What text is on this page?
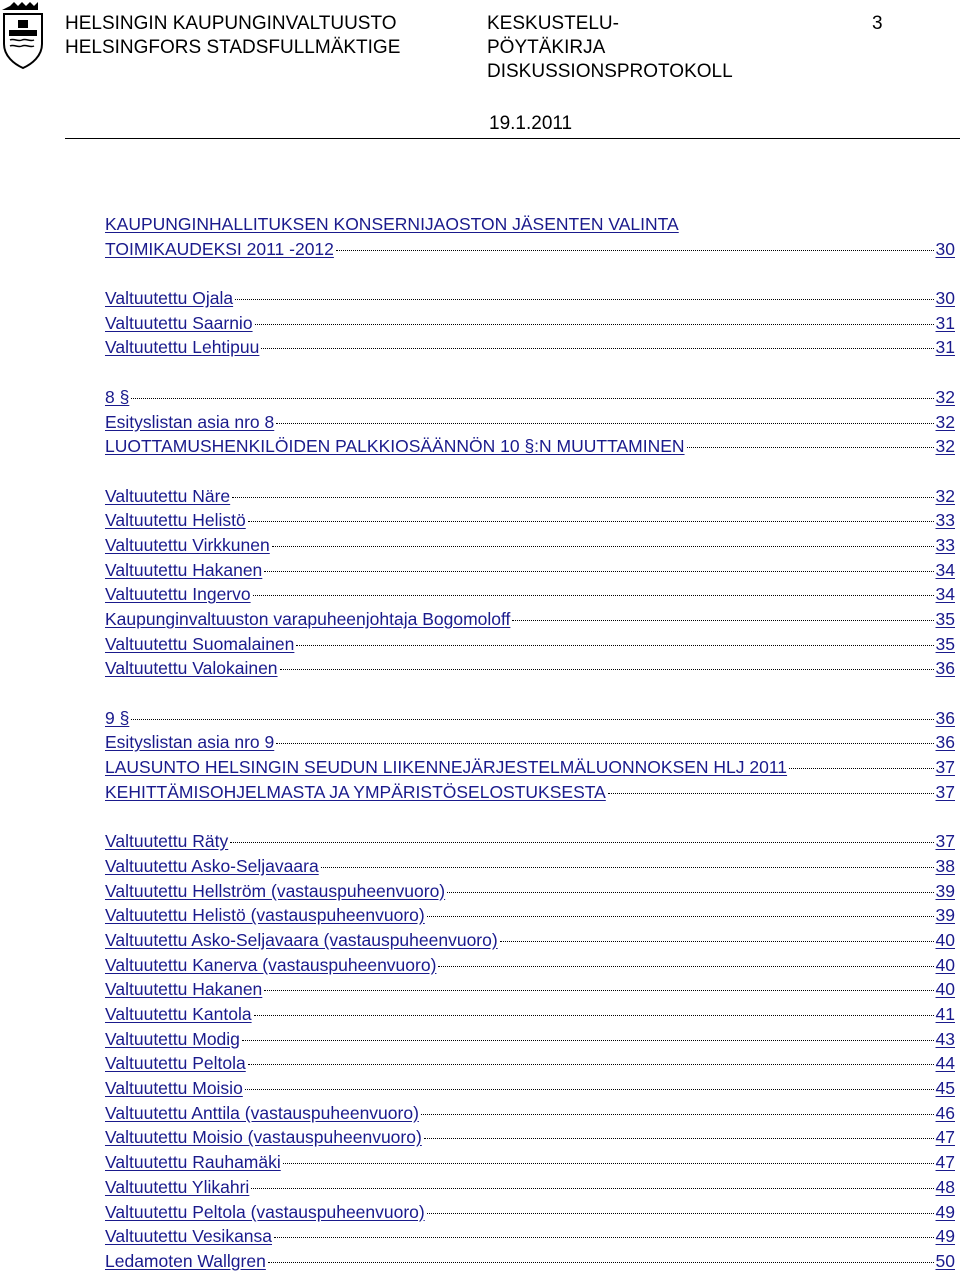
HELSINGIN KAUPUNGINVALTUUSTO
HELSINGFORS STADSFULLMÄKTIGE
KESKUSTELU-
PÖYTÄKIRJA
DISKUSSIONSPROTOKOLL
3
19.1.2011
KAUPUNGINHALLITUKSEN KONSERNIJAOSTON JÄSENTEN VALINTA
TOIMIKAUDEKSI 2011 -2012	30
Valtuutettu Ojala	30
Valtuutettu Saarnio	31
Valtuutettu Lehtipuu	31
8 §	32
Esityslistan asia nro 8	32
LUOTTAMUSHENKILÖIDEN PALKKIOSÄÄNNÖN 10 §:N MUUTTAMINEN	32
Valtuutettu Näre	32
Valtuutettu Helistö	33
Valtuutettu Virkkunen	33
Valtuutettu Hakanen	34
Valtuutettu Ingervo	34
Kaupunginvaltuuston varapuheenjohtaja Bogomoloff	35
Valtuutettu Suomalainen	35
Valtuutettu Valokainen	36
9 §	36
Esityslistan asia nro 9	36
LAUSUNTO HELSINGIN SEUDUN LIIKENNEJÄRJESTELMÄLUONNOKSEN HLJ 2011	37
KEHITTÄMISOHJELMASTA JA YMPÄRISTÖSELOSTUKSESTA	37
Valtuutettu Räty	37
Valtuutettu Asko-Seljavaara	38
Valtuutettu Hellström (vastauspuheenvuoro)	39
Valtuutettu Helistö (vastauspuheenvuoro)	39
Valtuutettu Asko-Seljavaara (vastauspuheenvuoro)	40
Valtuutettu Kanerva (vastauspuheenvuoro)	40
Valtuutettu Hakanen	40
Valtuutettu Kantola	41
Valtuutettu Modig	43
Valtuutettu Peltola	44
Valtuutettu Moisio	45
Valtuutettu Anttila (vastauspuheenvuoro)	46
Valtuutettu Moisio (vastauspuheenvuoro)	47
Valtuutettu Rauhamäki	47
Valtuutettu Ylikahri	48
Valtuutettu Peltola (vastauspuheenvuoro)	49
Valtuutettu Vesikansa	49
Ledamoten Wallgren	50
